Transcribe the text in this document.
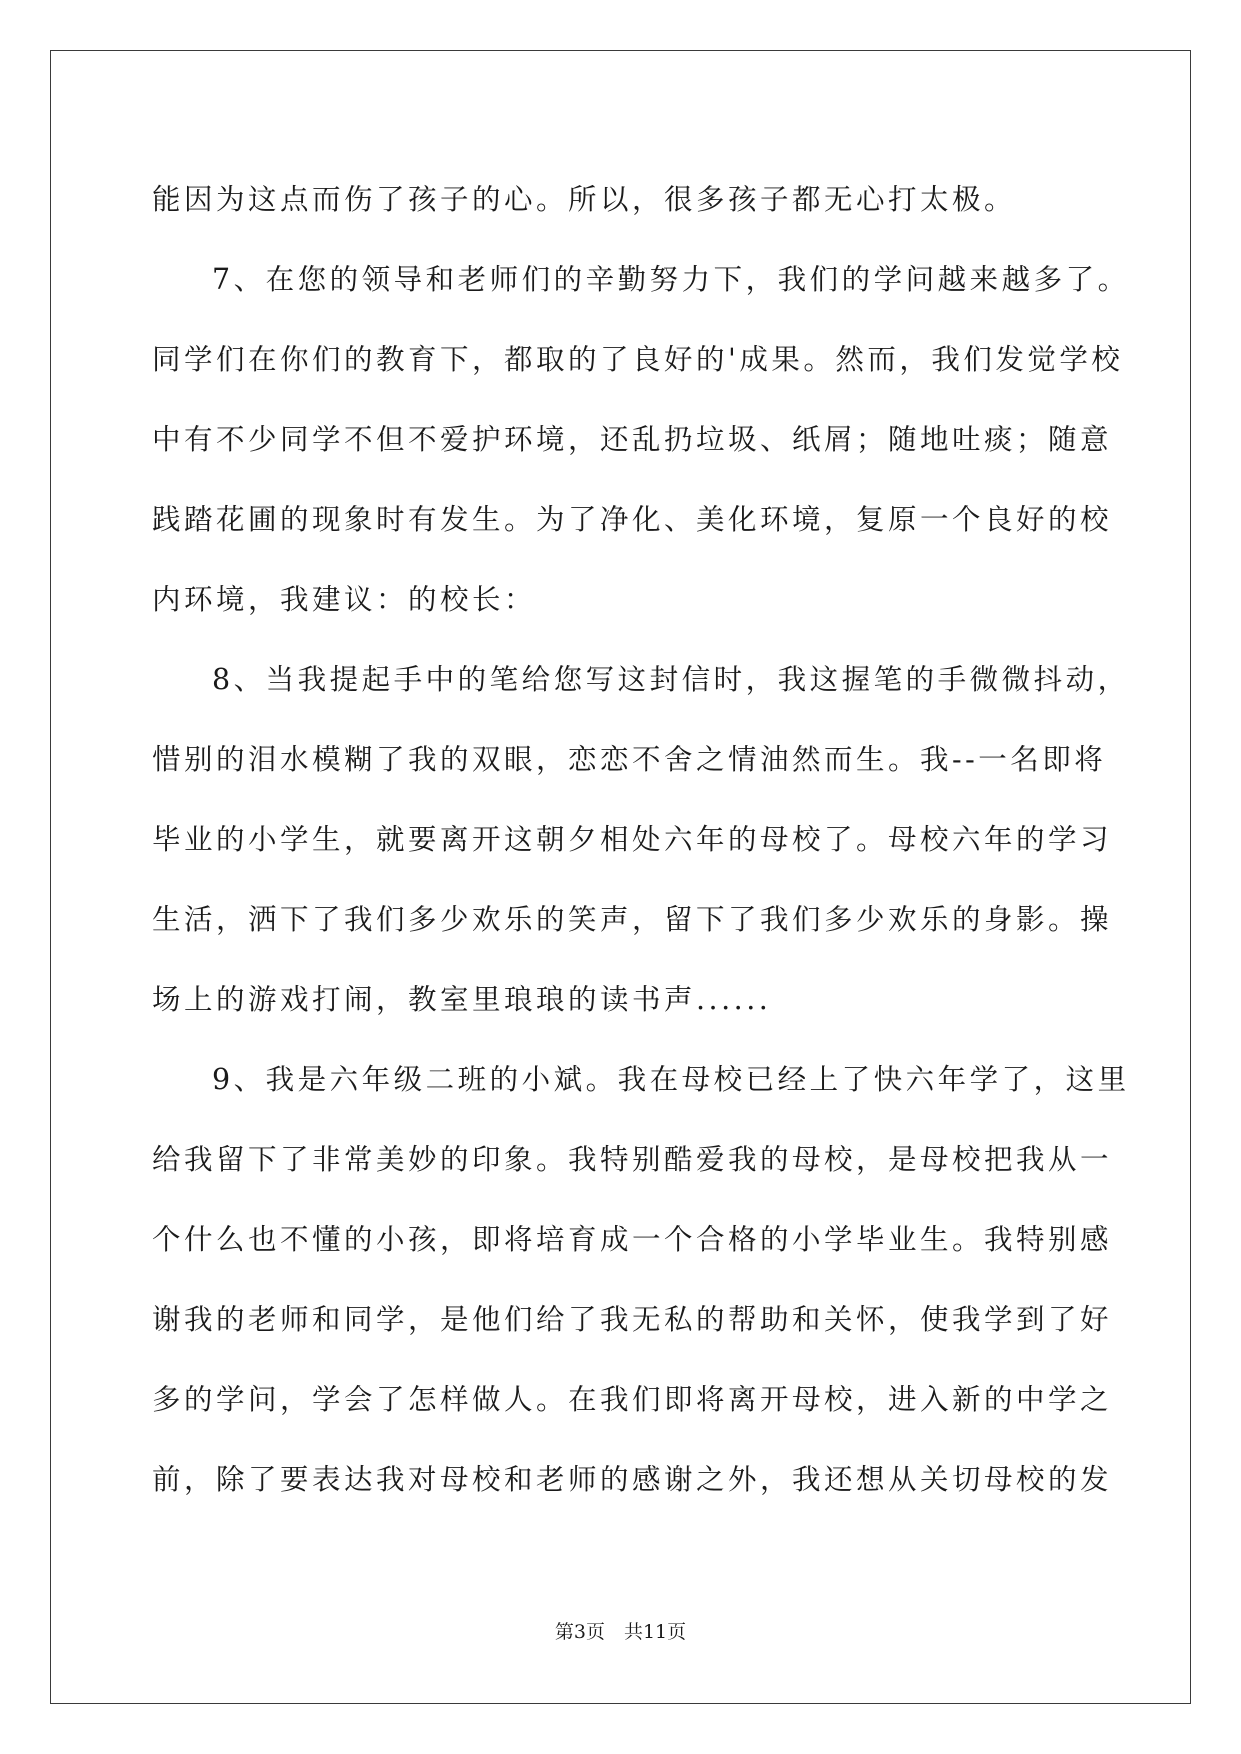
能因为这点而伤了孩子的心。所以，很多孩子都无心打太极。
7、在您的领导和老师们的辛勤努力下，我们的学问越来越多了。
同学们在你们的教育下，都取的了良好的'成果。然而，我们发觉学校
中有不少同学不但不爱护环境，还乱扔垃圾、纸屑；随地吐痰；随意
践踏花圃的现象时有发生。为了净化、美化环境，复原一个良好的校
内环境，我建议：的校长：
8、当我提起手中的笔给您写这封信时，我这握笔的手微微抖动，
惜别的泪水模糊了我的双眼，恋恋不舍之情油然而生。我--一名即将
毕业的小学生，就要离开这朝夕相处六年的母校了。母校六年的学习
生活，洒下了我们多少欢乐的笑声，留下了我们多少欢乐的身影。操
场上的游戏打闹，教室里琅琅的读书声......
9、我是六年级二班的小斌。我在母校已经上了快六年学了，这里
给我留下了非常美妙的印象。我特别酷爱我的母校，是母校把我从一
个什么也不懂的小孩，即将培育成一个合格的小学毕业生。我特别感
谢我的老师和同学，是他们给了我无私的帮助和关怀，使我学到了好
多的学问，学会了怎样做人。在我们即将离开母校，进入新的中学之
前，除了要表达我对母校和老师的感谢之外，我还想从关切母校的发
第3页　共11页
